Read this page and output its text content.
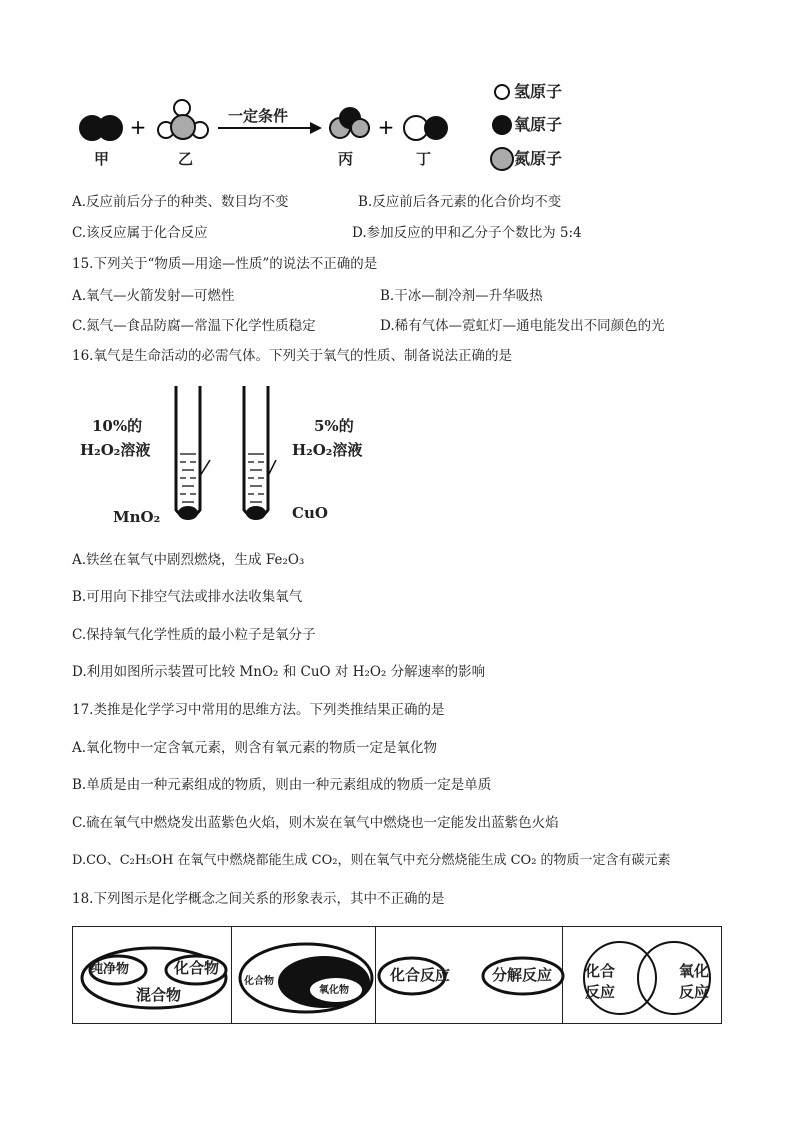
+	+
一定条件
甲	乙	丙	丁
氢原子
氧原子
氮原子
A.反应前后分子的种类、数目均不变	B.反应前后各元素的化合价均不变
C.该反应属于化合反应	D.参加反应的甲和乙分子个数比为 5:4
15.下列关于“物质—用途—性质”的说法不正确的是
A.氧气—火箭发射—可燃性	B.干冰—制冷剂—升华吸热
C.氮气—食品防腐—常温下化学性质稳定	D.稀有气体—霓虹灯—通电能发出不同颜色的光
16.氧气是生命活动的必需气体。下列关于氧气的性质、制备说法正确的是
10%的
H₂O₂溶液
MnO₂
5%的
H₂O₂溶液
CuO
A.铁丝在氧气中剧烈燃烧，生成 Fe₂O₃
B.可用向下排空气法或排水法收集氧气
C.保持氧气化学性质的最小粒子是氧分子
D.利用如图所示装置可比较 MnO₂ 和 CuO 对 H₂O₂ 分解速率的影响
17.类推是化学学习中常用的思维方法。下列类推结果正确的是
A.氧化物中一定含氧元素，则含有氧元素的物质一定是氧化物
B.单质是由一种元素组成的物质，则由一种元素组成的物质一定是单质
C.硫在氧气中燃烧发出蓝紫色火焰，则木炭在氧气中燃烧也一定能发出蓝紫色火焰
D.CO、C₂H₅OH 在氧气中燃烧都能生成 CO₂，则在氧气中充分燃烧能生成 CO₂ 的物质一定含有碳元素
18.下列图示是化学概念之间关系的形象表示，其中不正确的是
纯净物	化合物
混合物
化合物
氧化物
化合反应	分解反应 化合
反应
氧化
反应
